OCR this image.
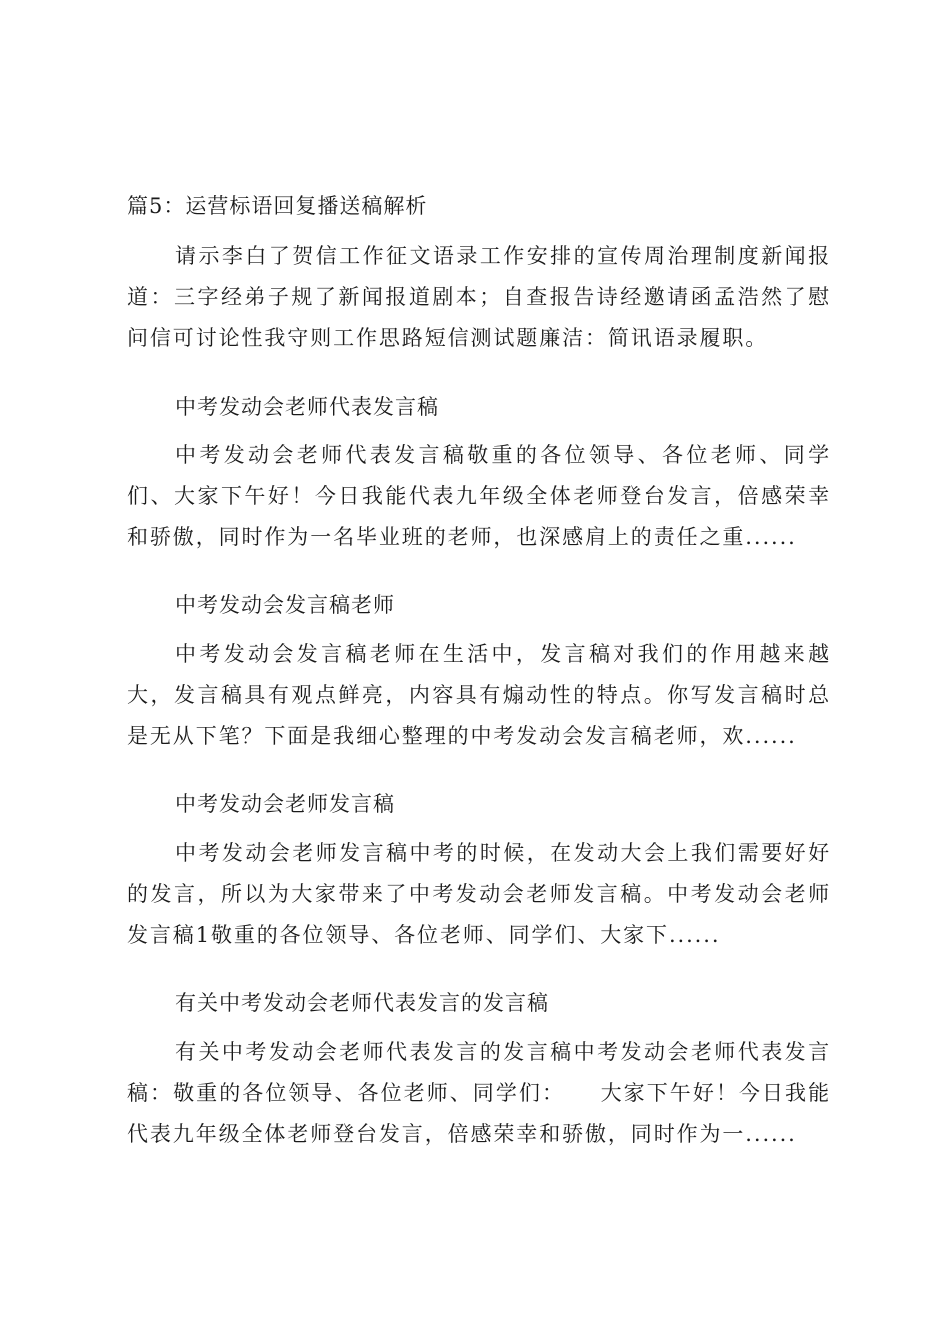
篇5：运营标语回复播送稿解析

请示李白了贺信工作征文语录工作安排的宣传周治理制度新闻报道：三字经弟子规了新闻报道剧本；自查报告诗经邀请函孟浩然了慰问信可讨论性我守则工作思路短信测试题廉洁：简讯语录履职。

中考发动会老师代表发言稿

中考发动会老师代表发言稿敬重的各位领导、各位老师、同学们、大家下午好！今日我能代表九年级全体老师登台发言，倍感荣幸和骄傲，同时作为一名毕业班的老师，也深感肩上的责任之重......

中考发动会发言稿老师

中考发动会发言稿老师在生活中，发言稿对我们的作用越来越大，发言稿具有观点鲜亮，内容具有煽动性的特点。你写发言稿时总是无从下笔？下面是我细心整理的中考发动会发言稿老师，欢......

中考发动会老师发言稿

中考发动会老师发言稿中考的时候，在发动大会上我们需要好好的发言，所以为大家带来了中考发动会老师发言稿。中考发动会老师发言稿1敬重的各位领导、各位老师、同学们、大家下......

有关中考发动会老师代表发言的发言稿

有关中考发动会老师代表发言的发言稿中考发动会老师代表发言稿：敬重的各位领导、各位老师、同学们：　　大家下午好！今日我能代表九年级全体老师登台发言，倍感荣幸和骄傲，同时作为一......
